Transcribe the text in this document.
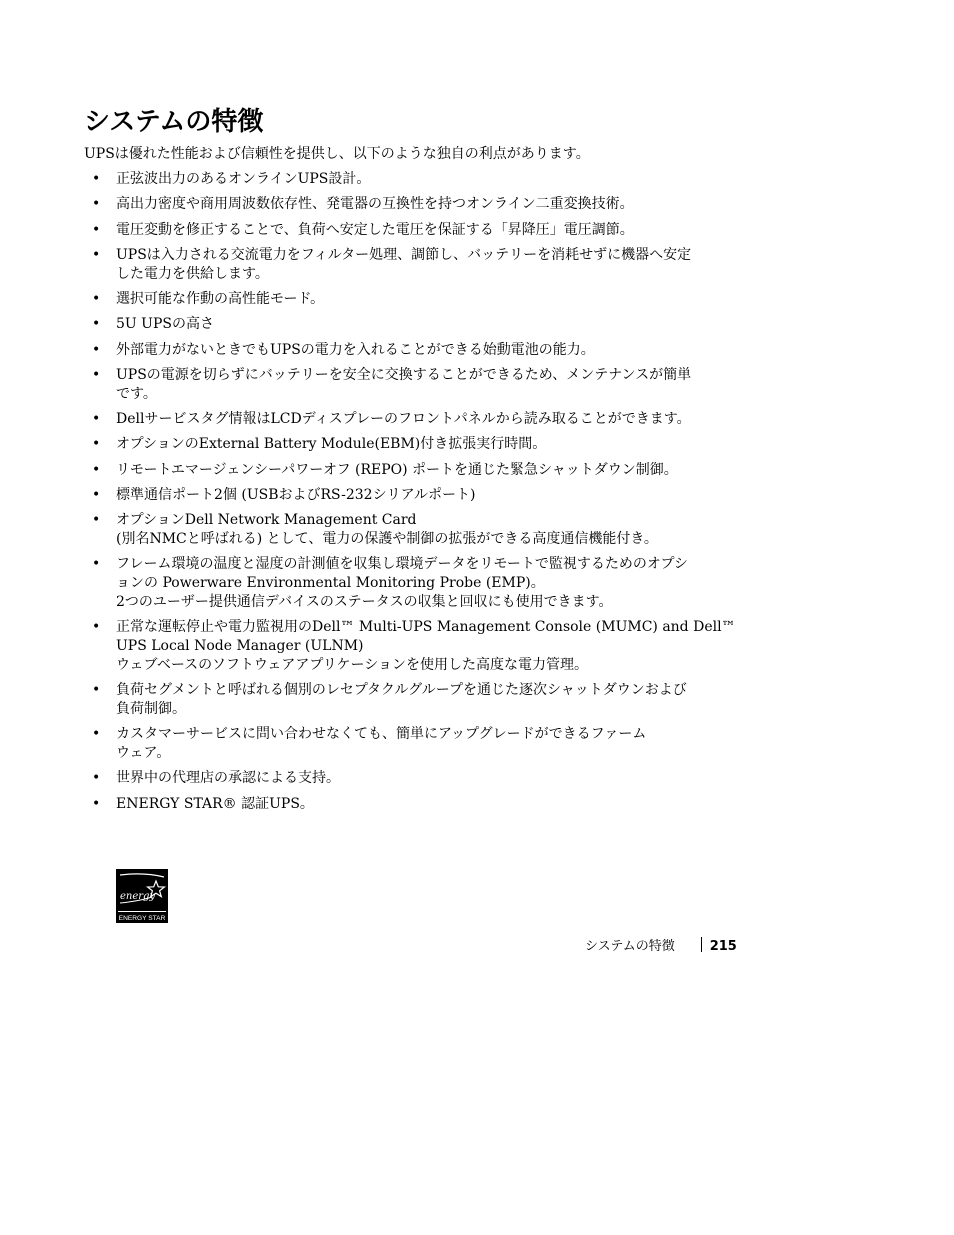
システムの特徴

UPSは優れた性能および信頼性を提供し、以下のような独自の利点があります。

• 正弦波出力のあるオンラインUPS設計。
• 高出力密度や商用周波数依存性、発電器の互換性を持つオンライン二重変換技術。
• 電圧変動を修正することで、負荷へ安定した電圧を保証する「昇降圧」電圧調節。
• UPSは入力される交流電力をフィルター処理、調節し、バッテリーを消耗せずに機器へ安定
した電力を供給します。
• 選択可能な作動の高性能モード。
• 5U UPSの高さ
• 外部電力がないときでもUPSの電力を入れることができる始動電池の能力。
• UPSの電源を切らずにバッテリーを安全に交換することができるため、メンテナンスが簡単
です。
• Dellサービスタグ情報はLCDディスプレーのフロントパネルから読み取ることができます。
• オプションのExternal Battery Module(EBM)付き拡張実行時間。
• リモートエマージェンシーパワーオフ (REPO) ポートを通じた緊急シャットダウン制御。
• 標準通信ポート2個 (USBおよびRS-232シリアルポート)
• オプションDell Network Management Card
(別名NMCと呼ばれる) として、電力の保護や制御の拡張ができる高度通信機能付き。
• フレーム環境の温度と湿度の計測値を収集し環境データをリモートで監視するためのオプシ
ョンの Powerware Environmental Monitoring Probe (EMP)。
2つのユーザー提供通信デバイスのステータスの収集と回収にも使用できます。
• 正常な運転停止や電力監視用のDell™ Multi-UPS Management Console (MUMC) and Dell™
UPS Local Node Manager (ULNM)
ウェブベースのソフトウェアアプリケーションを使用した高度な電力管理。
• 負荷セグメントと呼ばれる個別のレセプタクルグループを通じた逐次シャットダウンおよび
負荷制御。
• カスタマーサービスに問い合わせなくても、簡単にアップグレードができるファーム
ウェア。
• 世界中の代理店の承認による支持。
• ENERGY STAR® 認証UPS。
energy
ENERGY STAR
システムの特徴	215
